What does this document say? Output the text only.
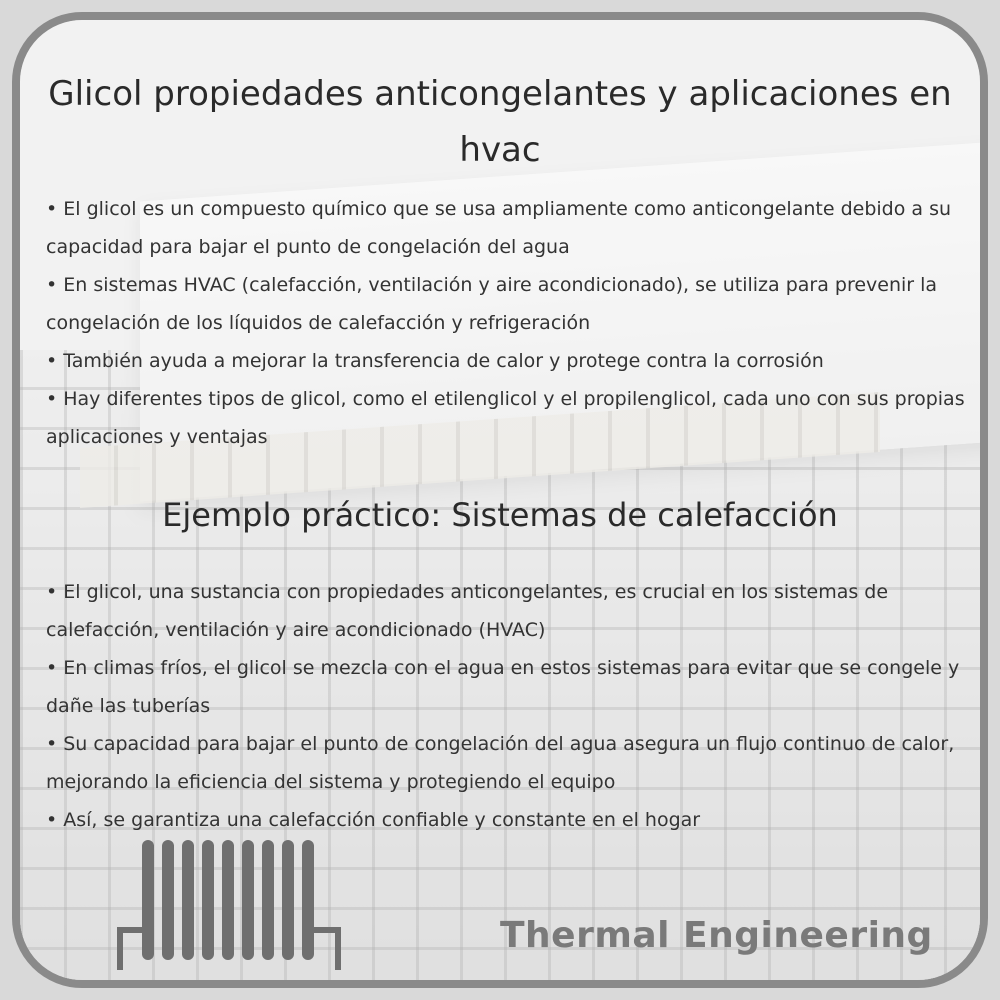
Glicol propiedades anticongelantes y aplicaciones en hvac
• El glicol es un compuesto químico que se usa ampliamente como anticongelante debido a su capacidad para bajar el punto de congelación del agua
• En sistemas HVAC (calefacción, ventilación y aire acondicionado), se utiliza para prevenir la congelación de los líquidos de calefacción y refrigeración
• También ayuda a mejorar la transferencia de calor y protege contra la corrosión
• Hay diferentes tipos de glicol, como el etilenglicol y el propilenglicol, cada uno con sus propias aplicaciones y ventajas
Ejemplo práctico: Sistemas de calefacción
• El glicol, una sustancia con propiedades anticongelantes, es crucial en los sistemas de calefacción, ventilación y aire acondicionado (HVAC)
• En climas fríos, el glicol se mezcla con el agua en estos sistemas para evitar que se congele y dañe las tuberías
• Su capacidad para bajar el punto de congelación del agua asegura un flujo continuo de calor, mejorando la eficiencia del sistema y protegiendo el equipo
• Así, se garantiza una calefacción confiable y constante en el hogar
Thermal Engineering
